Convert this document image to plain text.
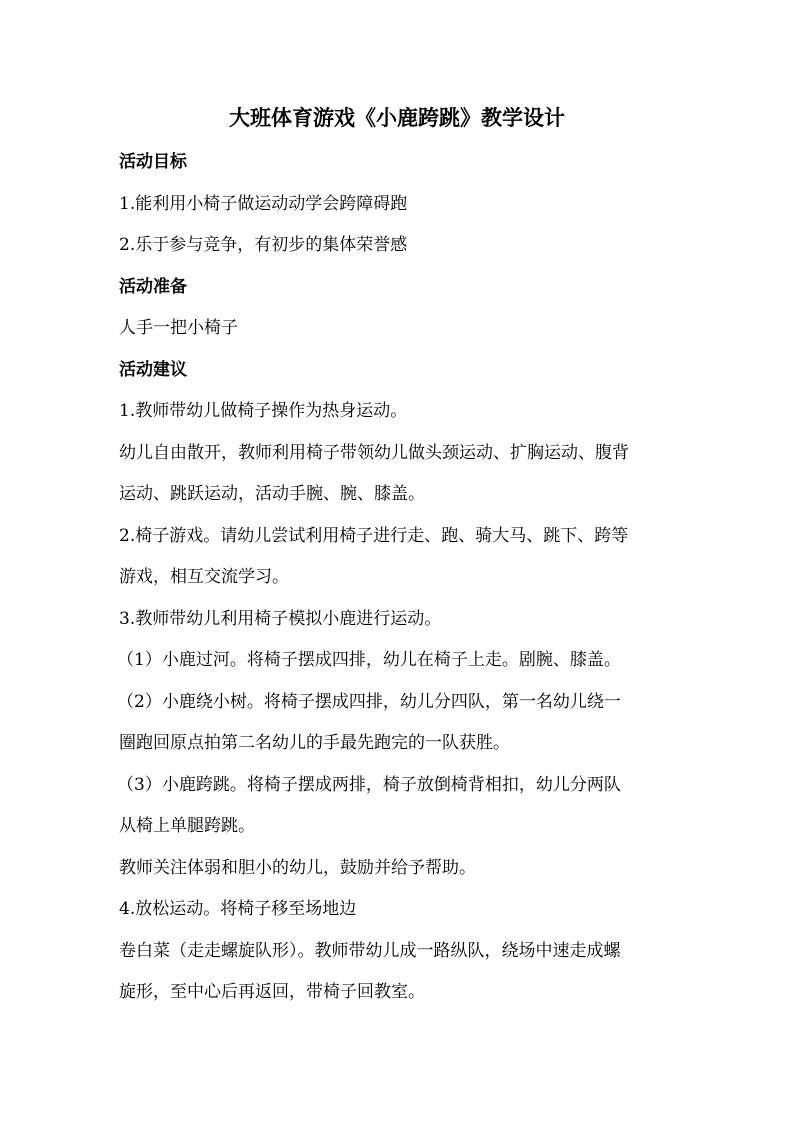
大班体育游戏《小鹿跨跳》教学设计

活动目标

1.能利用小椅子做运动动学会跨障碍跑

2.乐于参与竞争，有初步的集体荣誉感

活动准备

人手一把小椅子

活动建议

1.教师带幼儿做椅子操作为热身运动。

幼儿自由散开，教师利用椅子带领幼儿做头颈运动、扩胸运动、腹背

运动、跳跃运动，活动手腕、腕、膝盖。

2.椅子游戏。请幼儿尝试利用椅子进行走、跑、骑大马、跳下、跨等

游戏，相互交流学习。

3.教师带幼儿利用椅子模拟小鹿进行运动。

（1）小鹿过河。将椅子摆成四排，幼儿在椅子上走。剧腕、膝盖。

（2）小鹿绕小树。将椅子摆成四排，幼儿分四队，第一名幼儿绕一

圈跑回原点拍第二名幼儿的手最先跑完的一队获胜。

（3）小鹿跨跳。将椅子摆成两排，椅子放倒椅背相扣，幼儿分两队

从椅上单腿跨跳。

教师关注体弱和胆小的幼儿，鼓励并给予帮助。

4.放松运动。将椅子移至场地边

卷白菜（走走螺旋队形）。教师带幼儿成一路纵队，绕场中速走成螺

旋形，至中心后再返回，带椅子回教室。
